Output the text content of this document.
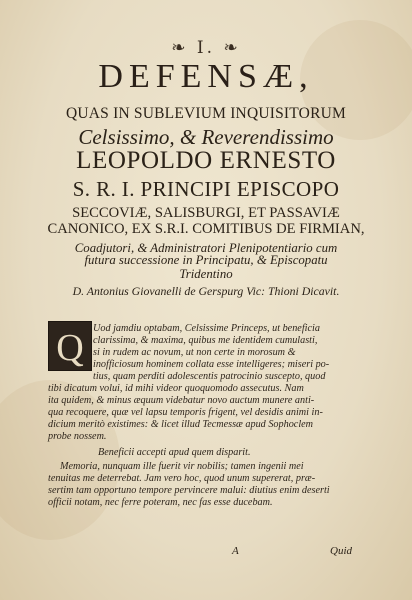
❧ I. ❧
DEFENSÆ,
QUAS IN SUBLEVIUM INQUISITORUM
Celsissimo, & Reverendissimo
LEOPOLDO ERNESTO
S. R. I. PRINCIPI EPISCOPO
SECCOVIÆ, SALISBURGI, ET PASSAVIÆ
CANONICO, EX S.R.I. COMITIBUS DE FIRMIAN,
Coadjutori, & Administratori Plenipotentiario cum
futura successione in Principatu, & Episcopatu
Tridentino
D. Antonius Giovanelli de Gerspurg Vic: Thioni Dicavit.
Q Uod jamdiu optabam, Celsissime Princeps, ut beneficia
clarissima, & maxima, quibus me identidem cumulasti,
si in rudem ac novum, ut non certe in morosum &
inofficiosum hominem collata esse intelligeres; miseri po-
tius, quam perditi adolescentis patrocinio suscepto, quod
tibi dicatum volui, id mihi videor quoquomodo assecutus. Nam
ita quidem, & minus æquum videbatur novo auctum munere anti-
qua recoquere, quæ vel lapsu temporis frigent, vel desidis animi in-
dicium meritò existimes: & licet illud Tecmessæ apud Sophoclem
probe nossem.
Beneficii accepti apud quem disparit.
Memoria, nunquam ille fuerit vir nobilis; tamen ingenii mei
tenuitas me deterrebat. Jam vero hoc, quod unum supererat, præ-
sertim tam opportuno tempore pervincere malui: diutius enim deserti
officii notam, nec ferre poteram, nec fas esse ducebam.
A	Quid
